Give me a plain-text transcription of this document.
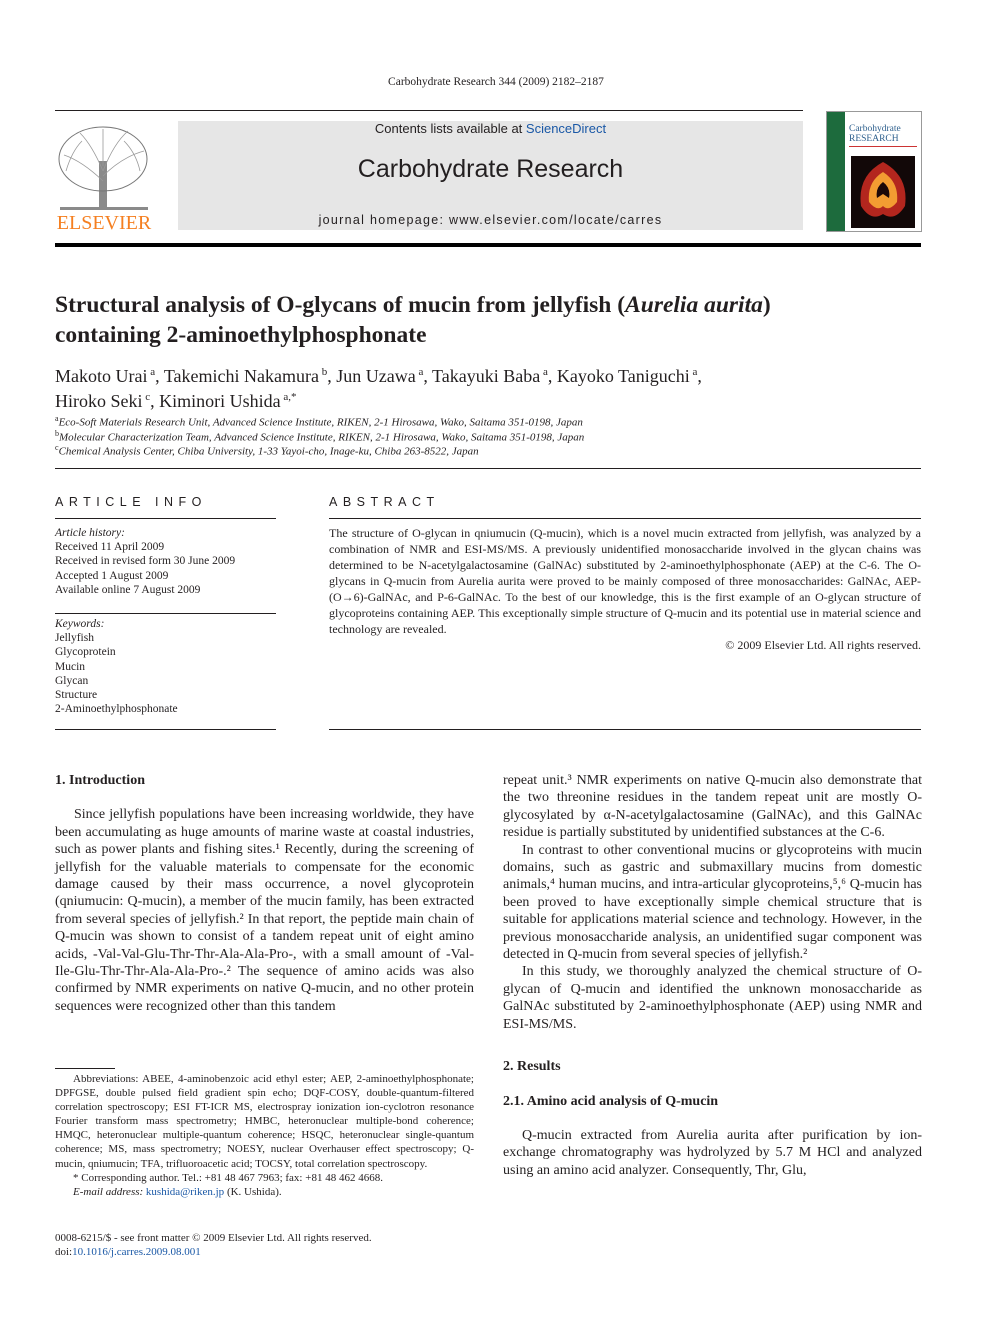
Carbohydrate Research 344 (2009) 2182–2187
ELSEVIER
Contents lists available at ScienceDirect
Carbohydrate Research
journal homepage: www.elsevier.com/locate/carres
Carbohydrate RESEARCH
Structural analysis of O-glycans of mucin from jellyfish (Aurelia aurita)
containing 2-aminoethylphosphonate
Makoto Urai $^a$, Takemichi Nakamura $^b$, Jun Uzawa $^a$, Takayuki Baba $^a$, Kayoko Taniguchi $^a$,
Hiroko Seki $^c$, Kiminori Ushida $^{a,*}$
$^a$Eco-Soft Materials Research Unit, Advanced Science Institute, RIKEN, 2-1 Hirosawa, Wako, Saitama 351-0198, Japan
$^b$Molecular Characterization Team, Advanced Science Institute, RIKEN, 2-1 Hirosawa, Wako, Saitama 351-0198, Japan
$^c$Chemical Analysis Center, Chiba University, 1-33 Yayoi-cho, Inage-ku, Chiba 263-8522, Japan
ARTICLE INFO	ABSTRACT
Article history:
Received 11 April 2009
Received in revised form 30 June 2009
Accepted 1 August 2009
Available online 7 August 2009
Keywords:
Jellyfish
Glycoprotein
Mucin
Glycan
Structure
2-Aminoethylphosphonate
The structure of O-glycan in qniumucin (Q-mucin), which is a novel mucin extracted from jellyfish, was analyzed by a combination of NMR and ESI-MS/MS. A previously unidentified monosaccharide involved in the glycan chains was determined to be N-acetylgalactosamine (GalNAc) substituted by 2-aminoethylphosphonate (AEP) at the C-6. The O-glycans in Q-mucin from Aurelia aurita were proved to be mainly composed of three monosaccharides: GalNAc, AEP-(O→6)-GalNAc, and P-6-GalNAc. To the best of our knowledge, this is the first example of an O-glycan structure of glycoproteins containing AEP. This exceptionally simple structure of Q-mucin and its potential use in material science and technology are revealed.
© 2009 Elsevier Ltd. All rights reserved.

1. Introduction

Since jellyfish populations have been increasing worldwide, they have been accumulating as huge amounts of marine waste at coastal industries, such as power plants and fishing sites.¹ Recently, during the screening of jellyfish for the valuable materials to compensate for the economic damage caused by their mass occurrence, a novel glycoprotein (qniumucin: Q-mucin), a member of the mucin family, has been extracted from several species of jellyfish.² In that report, the peptide main chain of Q-mucin was shown to consist of a tandem repeat unit of eight amino acids, -Val-Val-Glu-Thr-Thr-Ala-Ala-Pro-, with a small amount of -Val-Ile-Glu-Thr-Thr-Ala-Ala-Pro-.² The sequence of amino acids was also confirmed by NMR experiments on native Q-mucin, and no other protein sequences were recognized other than this tandem

Abbreviations: ABEE, 4-aminobenzoic acid ethyl ester; AEP, 2-aminoethylphosphonate; DPFGSE, double pulsed field gradient spin echo; DQF-COSY, double-quantum-filtered correlation spectroscopy; ESI FT-ICR MS, electrospray ionization ion-cyclotron resonance Fourier transform mass spectrometry; HMBC, heteronuclear multiple-bond coherence; HMQC, heteronuclear multiple-quantum coherence; HSQC, heteronuclear single-quantum coherence; MS, mass spectrometry; NOESY, nuclear Overhauser effect spectroscopy; Q-mucin, qniumucin; TFA, trifluoroacetic acid; TOCSY, total correlation spectroscopy.
* Corresponding author. Tel.: +81 48 467 7963; fax: +81 48 462 4668.
E-mail address: kushida@riken.jp (K. Ushida).
0008-6215/$ - see front matter © 2009 Elsevier Ltd. All rights reserved.
doi:10.1016/j.carres.2009.08.001

repeat unit.³ NMR experiments on native Q-mucin also demonstrate that the two threonine residues in the tandem repeat unit are mostly O-glycosylated by α-N-acetylgalactosamine (GalNAc), and this GalNAc residue is partially substituted by unidentified substances at the C-6.

In contrast to other conventional mucins or glycoproteins with mucin domains, such as gastric and submaxillary mucins from domestic animals,⁴ human mucins, and intra-articular glycoproteins,⁵,⁶ Q-mucin has been proved to have exceptionally simple chemical structure that is suitable for applications material science and technology. However, in the previous monosaccharide analysis, an unidentified sugar component was detected in Q-mucin from several species of jellyfish.²

In this study, we thoroughly analyzed the chemical structure of O-glycan of Q-mucin and identified the unknown monosaccharide as GalNAc substituted by 2-aminoethylphosphonate (AEP) using NMR and ESI-MS/MS.

2. Results

2.1. Amino acid analysis of Q-mucin

Q-mucin extracted from Aurelia aurita after purification by ion-exchange chromatography was hydrolyzed by 5.7 M HCl and analyzed using an amino acid analyzer. Consequently, Thr, Glu,
